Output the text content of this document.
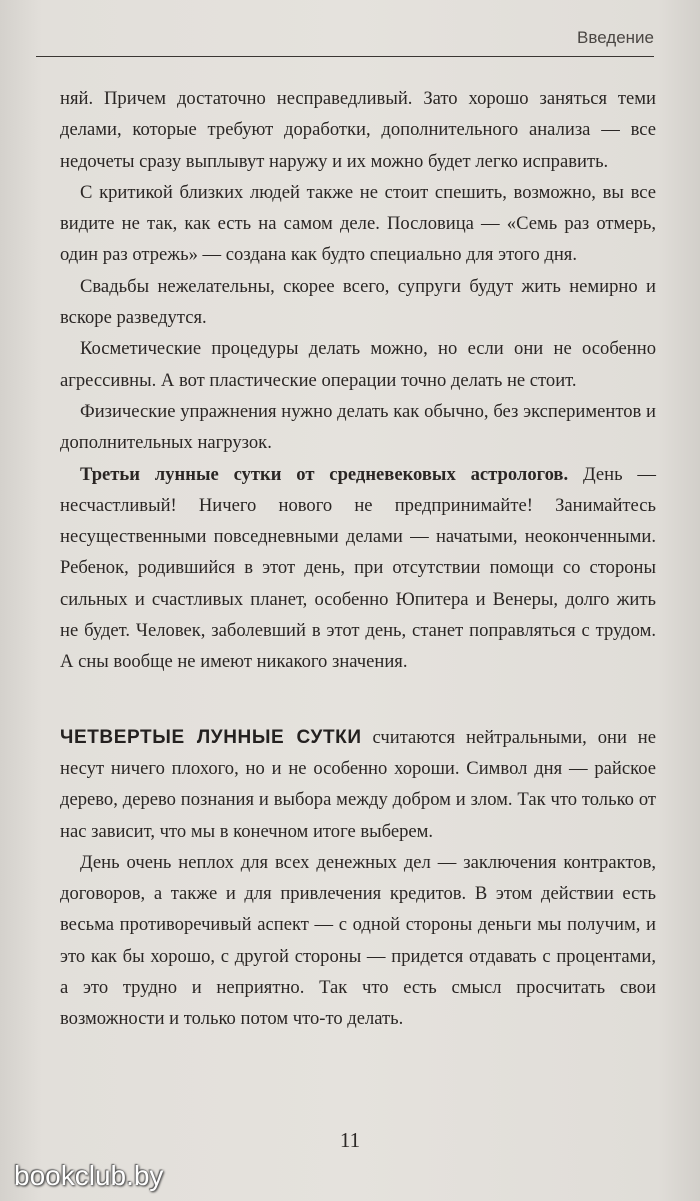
Введение

няй. Причем достаточно несправедливый. Зато хорошо заняться теми делами, которые требуют доработки, дополнительного анализа — все недочеты сразу выплывут наружу и их можно будет легко исправить.

С критикой близких людей также не стоит спешить, возможно, вы все видите не так, как есть на самом деле. Пословица — «Семь раз отмерь, один раз отрежь» — создана как будто специально для этого дня.

Свадьбы нежелательны, скорее всего, супруги будут жить немирно и вскоре разведутся.

Косметические процедуры делать можно, но если они не особенно агрессивны. А вот пластические операции точно делать не стоит.

Физические упражнения нужно делать как обычно, без экспериментов и дополнительных нагрузок.

Третьи лунные сутки от средневековых астрологов. День — несчастливый! Ничего нового не предпринимайте! Занимайтесь несущественными повседневными делами — начатыми, неоконченными. Ребенок, родившийся в этот день, при отсутствии помощи со стороны сильных и счастливых планет, особенно Юпитера и Венеры, долго жить не будет. Человек, заболевший в этот день, станет поправляться с трудом. А сны вообще не имеют никакого значения.

ЧЕТВЕРТЫЕ ЛУННЫЕ СУТКИ считаются нейтральными, они не несут ничего плохого, но и не особенно хороши. Символ дня — райское дерево, дерево познания и выбора между добром и злом. Так что только от нас зависит, что мы в конечном итоге выберем.

День очень неплох для всех денежных дел — заключения контрактов, договоров, а также и для привлечения кредитов. В этом действии есть весьма противоречивый аспект — с одной стороны деньги мы получим, и это как бы хорошо, с другой стороны — придется отдавать с процентами, а это трудно и неприятно. Так что есть смысл просчитать свои возможности и только потом что-то делать.

11
bookclub.by
